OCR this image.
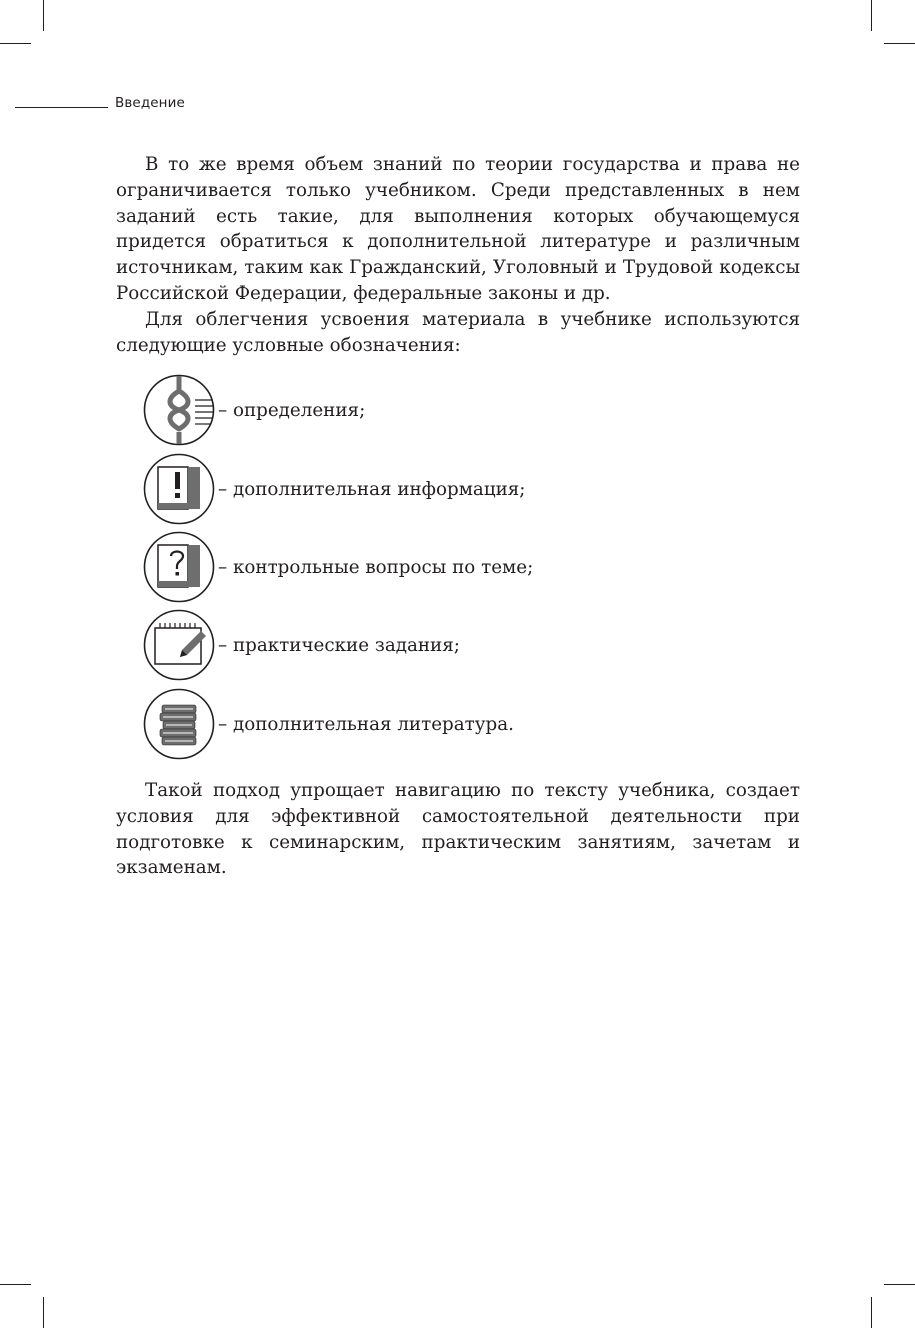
Введение

В то же время объем знаний по теории государства и права не ограничивается только учебником. Среди представленных в нем заданий есть такие, для выполнения которых обучающемуся придется обратиться к дополнительной литературе и различным источникам, таким как Гражданский, Уголовный и Трудовой кодексы Российской Федерации, федеральные законы и др.

Для облегчения усвоения материала в учебнике используются следующие условные обозначения:

– определения;
– дополнительная информация;
– контрольные вопросы по теме;
– практические задания;
– дополнительная литература.

Такой подход упрощает навигацию по тексту учебника, создает условия для эффективной самостоятельной деятельности при подготовке к семинарским, практическим занятиям, зачетам и экзаменам.
